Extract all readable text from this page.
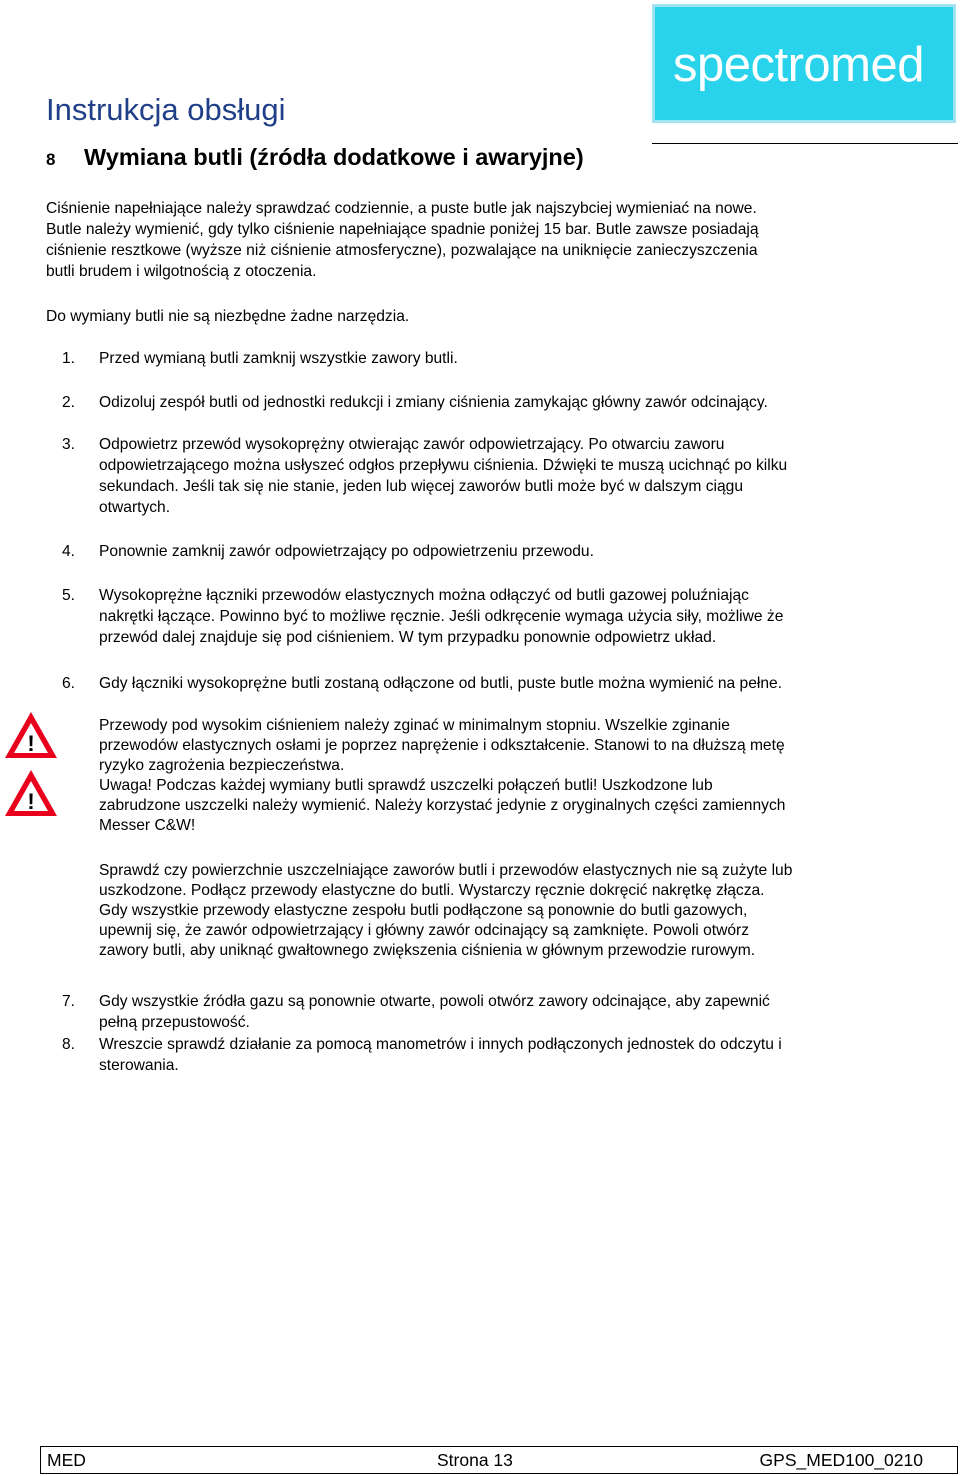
Instrukcja obsługi
spectromed
8 Wymiana butli (źródła dodatkowe i awaryjne)
Ciśnienie napełniające należy sprawdzać codziennie, a puste butle jak najszybciej wymieniać na nowe.
Butle należy wymienić, gdy tylko ciśnienie napełniające spadnie poniżej 15 bar. Butle zawsze posiadają
ciśnienie resztkowe (wyższe niż ciśnienie atmosferyczne), pozwalające na uniknięcie zanieczyszczenia
butli brudem i wilgotnością z otoczenia.
Do wymiany butli nie są niezbędne żadne narzędzia.
1. Przed wymianą butli zamknij wszystkie zawory butli.
2. Odizoluj zespół butli od jednostki redukcji i zmiany ciśnienia zamykając główny zawór odcinający.
3. Odpowietrz przewód wysokoprężny otwierając zawór odpowietrzający. Po otwarciu zaworu
odpowietrzającego można usłyszeć odgłos przepływu ciśnienia. Dźwięki te muszą ucichnąć po kilku
sekundach. Jeśli tak się nie stanie, jeden lub więcej zaworów butli może być w dalszym ciągu
otwartych.
4. Ponownie zamknij zawór odpowietrzający po odpowietrzeniu przewodu.
5. Wysokoprężne łączniki przewodów elastycznych można odłączyć od butli gazowej poluźniając
nakrętki łączące. Powinno być to możliwe ręcznie. Jeśli odkręcenie wymaga użycia siły, możliwe że
przewód dalej znajduje się pod ciśnieniem. W tym przypadku ponownie odpowietrz układ.
6. Gdy łączniki wysokoprężne butli zostaną odłączone od butli, puste butle można wymienić na pełne.
!
!
Przewody pod wysokim ciśnieniem należy zginać w minimalnym stopniu. Wszelkie zginanie
przewodów elastycznych osłami je poprzez naprężenie i odkształcenie. Stanowi to na dłuższą metę
ryzyko zagrożenia bezpieczeństwa.
Uwaga! Podczas każdej wymiany butli sprawdź uszczelki połączeń butli! Uszkodzone lub
zabrudzone uszczelki należy wymienić. Należy korzystać jedynie z oryginalnych części zamiennych
Messer C&W!
Sprawdź czy powierzchnie uszczelniające zaworów butli i przewodów elastycznych nie są zużyte lub
uszkodzone. Podłącz przewody elastyczne do butli. Wystarczy ręcznie dokręcić nakrętkę złącza.
Gdy wszystkie przewody elastyczne zespołu butli podłączone są ponownie do butli gazowych,
upewnij się, że zawór odpowietrzający i główny zawór odcinający są zamknięte. Powoli otwórz
zawory butli, aby uniknąć gwałtownego zwiększenia ciśnienia w głównym przewodzie rurowym.
7. Gdy wszystkie źródła gazu są ponownie otwarte, powoli otwórz zawory odcinające, aby zapewnić
pełną przepustowość.
8. Wreszcie sprawdź działanie za pomocą manometrów i innych podłączonych jednostek do odczytu i
sterowania.
MED	Strona 13	GPS_MED100_0210
